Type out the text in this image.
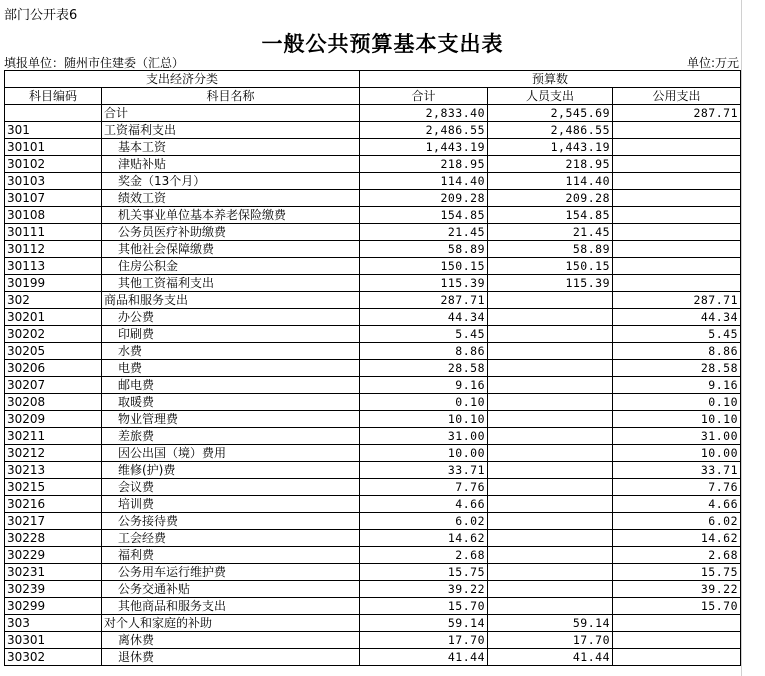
部门公开表6
一般公共预算基本支出表
填报单位：随州市住建委（汇总）	单位:万元
支出经济分类		预算数		
科目编码	科目名称	合计	人员支出	公用支出
	合计	2,833.40	2,545.69	287.71
301	工资福利支出	2,486.55	2,486.55	
30101	基本工资	1,443.19	1,443.19	
30102	津贴补贴	218.95	218.95	
30103	奖金（13个月）	114.40	114.40	
30107	绩效工资	209.28	209.28	
30108	机关事业单位基本养老保险缴费	154.85	154.85	
30111	公务员医疗补助缴费	21.45	21.45	
30112	其他社会保障缴费	58.89	58.89	
30113	住房公积金	150.15	150.15	
30199	其他工资福利支出	115.39	115.39	
302	商品和服务支出	287.71		287.71
30201	办公费	44.34		44.34
30202	印刷费	5.45		5.45
30205	水费	8.86		8.86
30206	电费	28.58		28.58
30207	邮电费	9.16		9.16
30208	取暖费	0.10		0.10
30209	物业管理费	10.10		10.10
30211	差旅费	31.00		31.00
30212	因公出国（境）费用	10.00		10.00
30213	维修(护)费	33.71		33.71
30215	会议费	7.76		7.76
30216	培训费	4.66		4.66
30217	公务接待费	6.02		6.02
30228	工会经费	14.62		14.62
30229	福利费	2.68		2.68
30231	公务用车运行维护费	15.75		15.75
30239	公务交通补贴	39.22		39.22
30299	其他商品和服务支出	15.70		15.70
303	对个人和家庭的补助	59.14	59.14	
30301	离休费	17.70	17.70	
30302	退休费	41.44	41.44	
